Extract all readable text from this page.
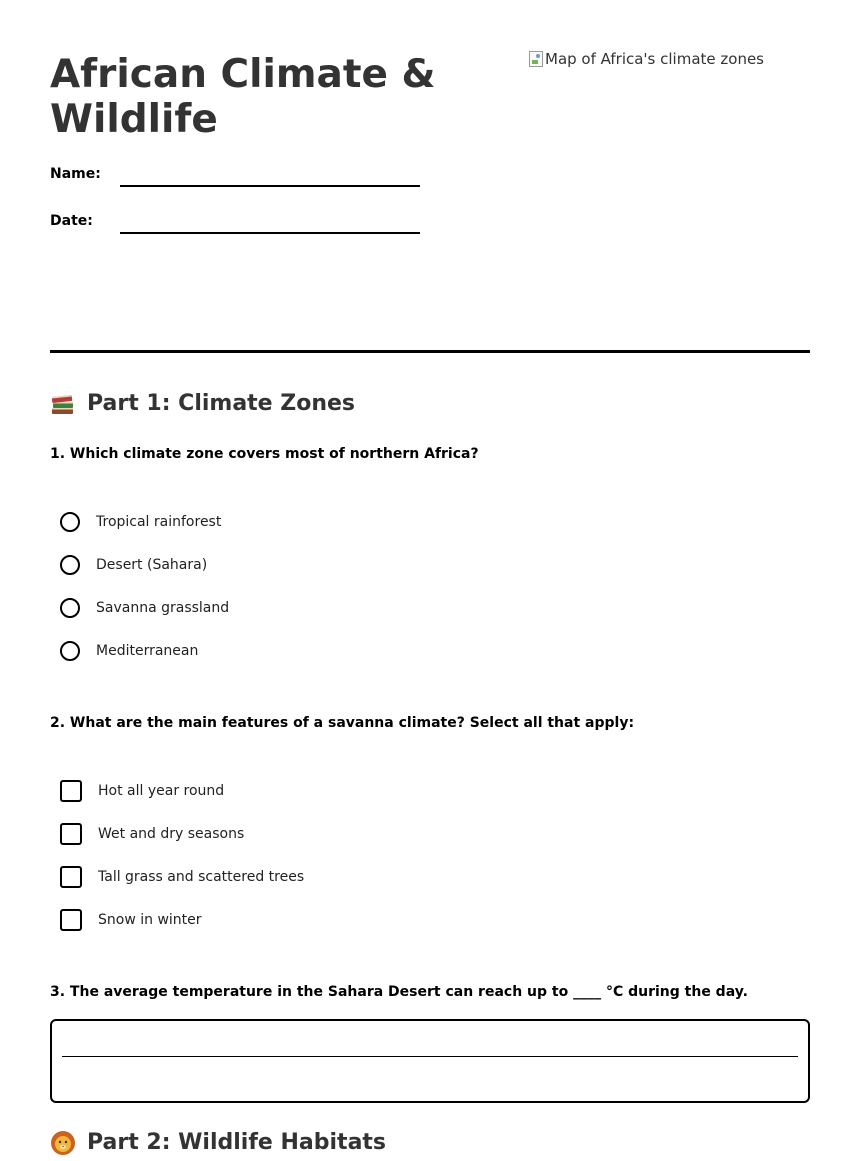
African Climate & Wildlife
Map of Africa's climate zones
Name:
Date:
Part 1: Climate Zones

1. Which climate zone covers most of northern Africa?

Tropical rainforest
Desert (Sahara)
Savanna grassland
Mediterranean

2. What are the main features of a savanna climate? Select all that apply:

Hot all year round
Wet and dry seasons
Tall grass and scattered trees
Snow in winter

3. The average temperature in the Sahara Desert can reach up to ____ °C during the day.

Part 2: Wildlife Habitats
